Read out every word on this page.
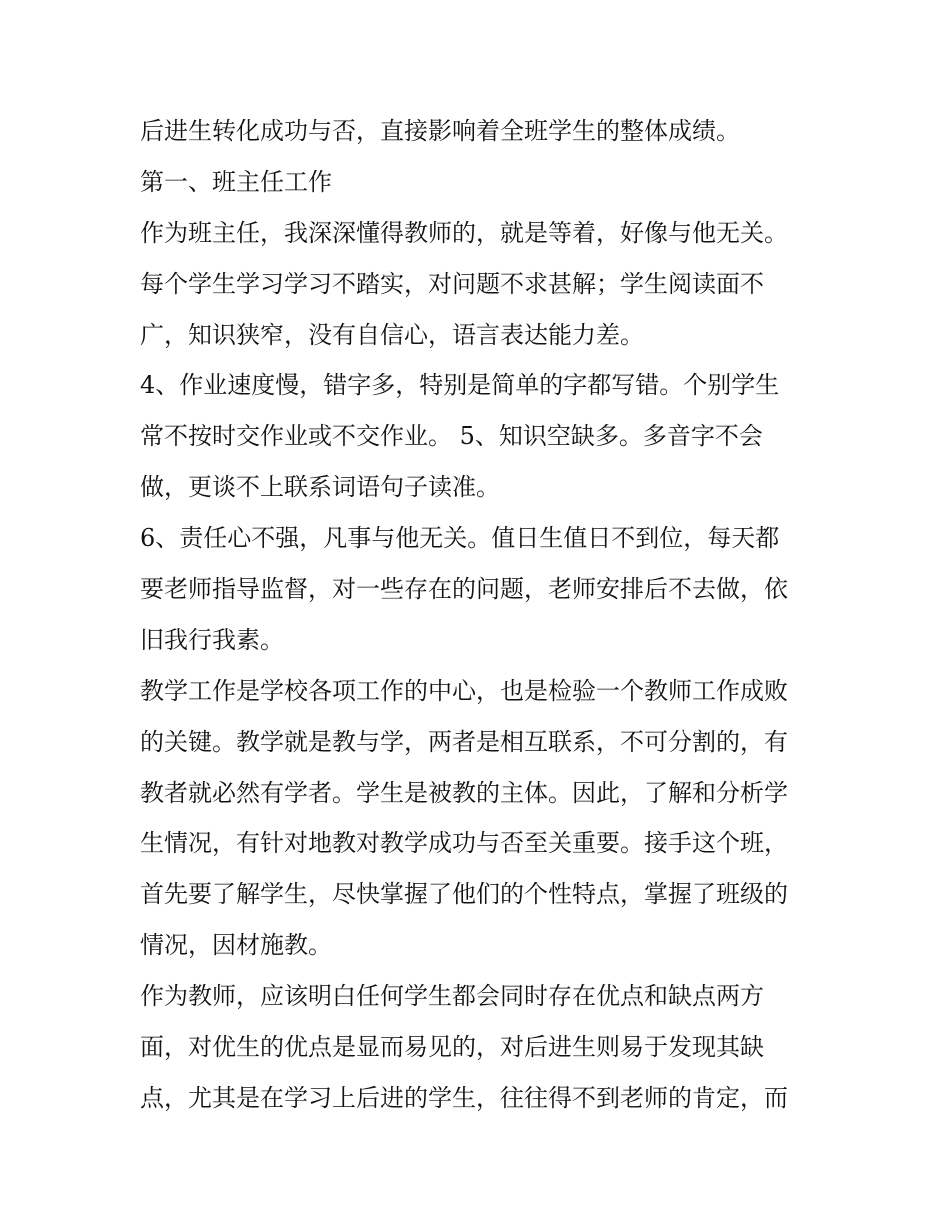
后进生转化成功与否，直接影响着全班学生的整体成绩。
第一、班主任工作
作为班主任，我深深懂得教师的，就是等着，好像与他无关。
每个学生学习学习不踏实，对问题不求甚解；学生阅读面不
广，知识狭窄，没有自信心，语言表达能力差。
4、作业速度慢，错字多，特别是简单的字都写错。个别学生
常不按时交作业或不交作业。 5、知识空缺多。多音字不会
做，更谈不上联系词语句子读准。
6、责任心不强，凡事与他无关。值日生值日不到位，每天都
要老师指导监督，对一些存在的问题，老师安排后不去做，依
旧我行我素。
教学工作是学校各项工作的中心，也是检验一个教师工作成败
的关键。教学就是教与学，两者是相互联系，不可分割的，有
教者就必然有学者。学生是被教的主体。因此，了解和分析学
生情况，有针对地教对教学成功与否至关重要。接手这个班，
首先要了解学生，尽快掌握了他们的个性特点，掌握了班级的
情况，因材施教。
作为教师，应该明白任何学生都会同时存在优点和缺点两方
面，对优生的优点是显而易见的，对后进生则易于发现其缺
点，尤其是在学习上后进的学生，往往得不到老师的肯定，而
